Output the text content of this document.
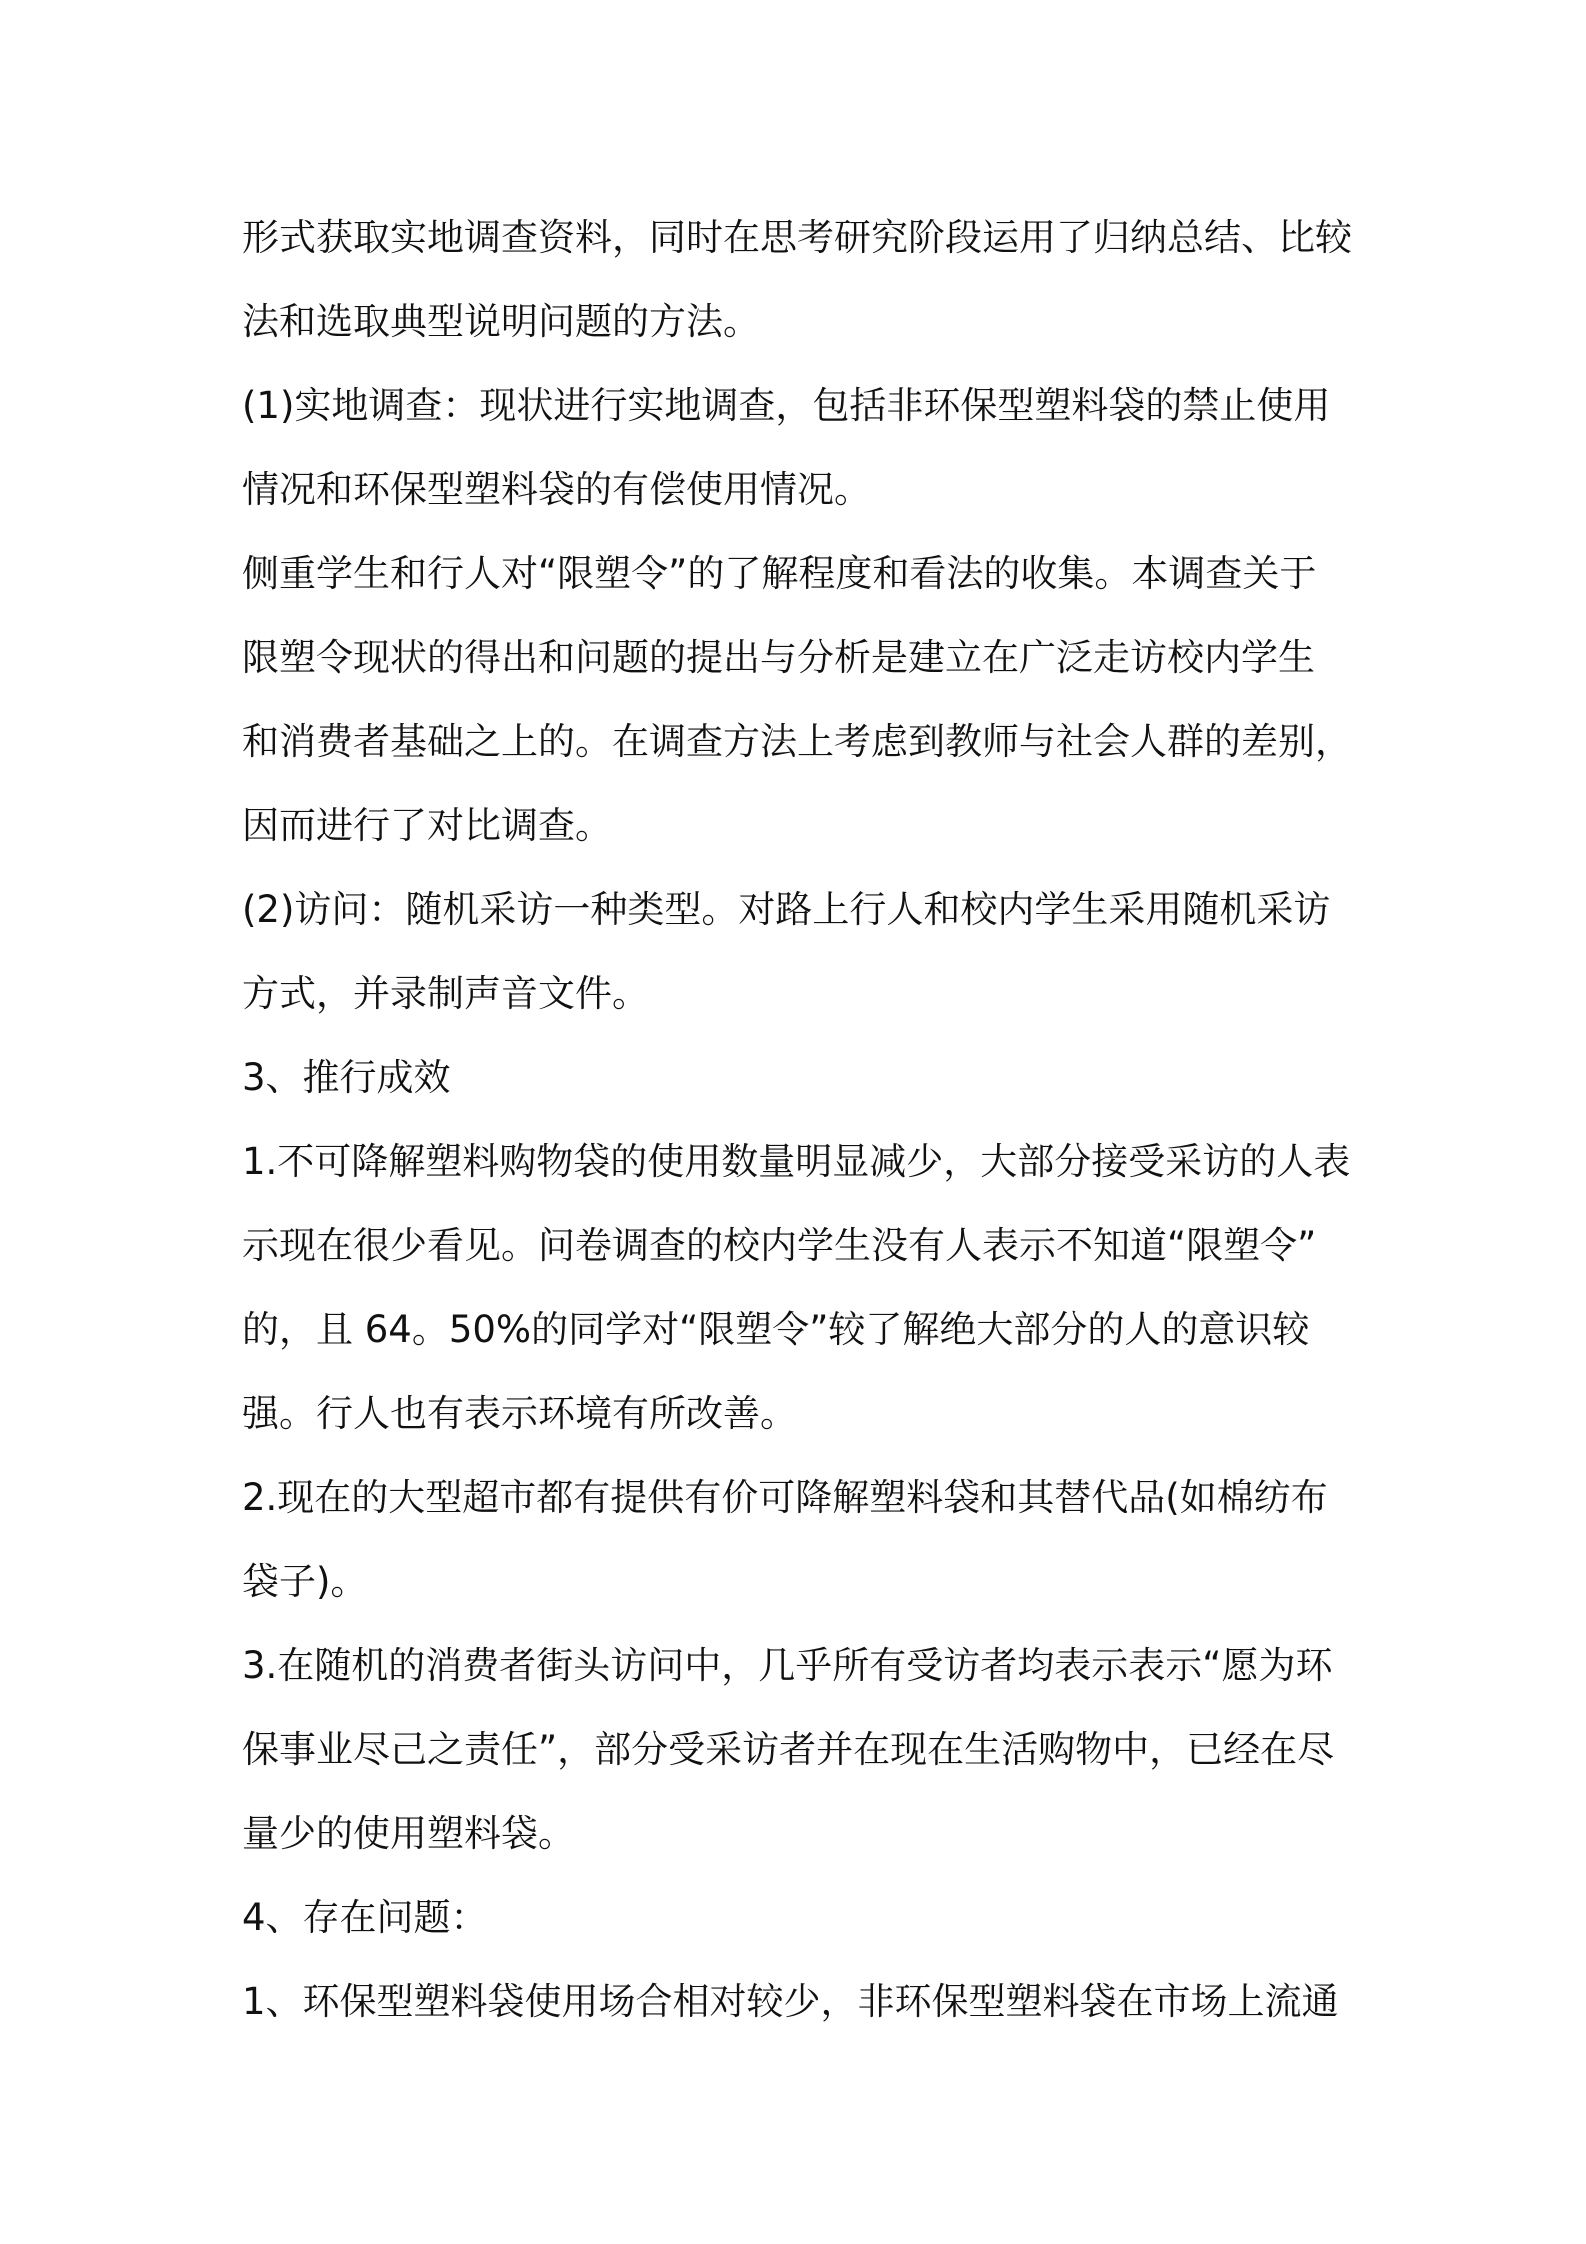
形式获取实地调查资料，同时在思考研究阶段运用了归纳总结、比较
法和选取典型说明问题的方法。
(1)实地调查：现状进行实地调查，包括非环保型塑料袋的禁止使用
情况和环保型塑料袋的有偿使用情况。
侧重学生和行人对“限塑令”的了解程度和看法的收集。本调查关于
限塑令现状的得出和问题的提出与分析是建立在广泛走访校内学生
和消费者基础之上的。在调查方法上考虑到教师与社会人群的差别，
因而进行了对比调查。
(2)访问：随机采访一种类型。对路上行人和校内学生采用随机采访
方式，并录制声音文件。
3、推行成效
1.不可降解塑料购物袋的使用数量明显减少，大部分接受采访的人表
示现在很少看见。问卷调查的校内学生没有人表示不知道“限塑令”
的，且 64。50%的同学对“限塑令”较了解绝大部分的人的意识较
强。行人也有表示环境有所改善。
2.现在的大型超市都有提供有价可降解塑料袋和其替代品(如棉纺布
袋子)。
3.在随机的消费者街头访问中，几乎所有受访者均表示表示“愿为环
保事业尽己之责任”，部分受采访者并在现在生活购物中，已经在尽
量少的使用塑料袋。
4、存在问题：
1、环保型塑料袋使用场合相对较少，非环保型塑料袋在市场上流通
